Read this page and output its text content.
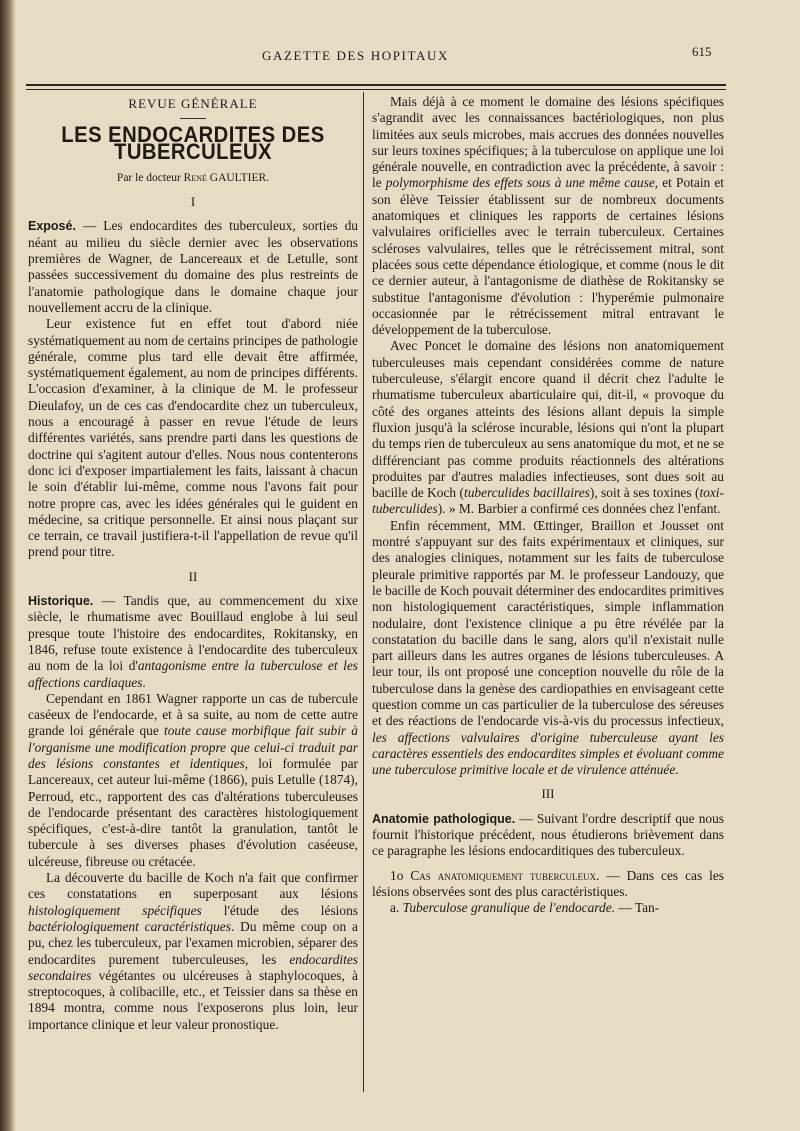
GAZETTE DES HOPITAUX	615
REVUE GÉNÉRALE
LES ENDOCARDITES DES TUBERCULEUX
Par le docteur René GAULTIER.
I

Exposé. — Les endocardites des tuberculeux, sorties du néant au milieu du siècle dernier avec les observations premières de Wagner, de Lancereaux et de Letulle, sont passées successivement du domaine des plus restreints de l'anatomie pathologique dans le domaine chaque jour nouvellement accru de la clinique.

Leur existence fut en effet tout d'abord niée systématiquement au nom de certains principes de pathologie générale, comme plus tard elle devait être affirmée, systématiquement également, au nom de principes différents. L'occasion d'examiner, à la clinique de M. le professeur Dieulafoy, un de ces cas d'endocardite chez un tuberculeux, nous a encouragé à passer en revue l'étude de leurs différentes variétés, sans prendre parti dans les questions de doctrine qui s'agitent autour d'elles. Nous nous contenterons donc ici d'exposer impartialement les faits, laissant à chacun le soin d'établir lui-même, comme nous l'avons fait pour notre propre cas, avec les idées générales qui le guident en médecine, sa critique personnelle. Et ainsi nous plaçant sur ce terrain, ce travail justifiera-t-il l'appellation de revue qu'il prend pour titre.

II

Historique. — Tandis que, au commencement du xixe siècle, le rhumatisme avec Bouillaud englobe à lui seul presque toute l'histoire des endocardites, Rokitansky, en 1846, refuse toute existence à l'endocardite des tuberculeux au nom de la loi d'antagonisme entre la tuberculose et les affections cardiaques.

Cependant en 1861 Wagner rapporte un cas de tubercule caséeux de l'endocarde, et à sa suite, au nom de cette autre grande loi générale que toute cause morbifique fait subir à l'organisme une modification propre que celui-ci traduit par des lésions constantes et identiques, loi formulée par Lancereaux, cet auteur lui-même (1866), puis Letulle (1874), Perroud, etc., rapportent des cas d'altérations tuberculeuses de l'endocarde présentant des caractères histologiquement spécifiques, c'est-à-dire tantôt la granulation, tantôt le tubercule à ses diverses phases d'évolution caséeuse, ulcéreuse, fibreuse ou crétacée.

La découverte du bacille de Koch n'a fait que confirmer ces constatations en superposant aux lésions histologiquement spécifiques l'étude des lésions bactériologiquement caractéristiques. Du même coup on a pu, chez les tuberculeux, par l'examen microbien, séparer des endocardites purement tuberculeuses, les endocardites secondaires végétantes ou ulcéreuses à staphylocoques, à streptocoques, à colibacille, etc., et Teissier dans sa thèse en 1894 montra, comme nous l'exposerons plus loin, leur importance clinique et leur valeur pronostique.

Mais déjà à ce moment le domaine des lésions spécifiques s'agrandit avec les connaissances bactériologiques, non plus limitées aux seuls microbes, mais accrues des données nouvelles sur leurs toxines spécifiques; à la tuberculose on applique une loi générale nouvelle, en contradiction avec la précédente, à savoir : le polymorphisme des effets sous à une même cause, et Potain et son élève Teissier établissent sur de nombreux documents anatomiques et cliniques les rapports de certaines lésions valvulaires orificielles avec le terrain tuberculeux. Certaines scléroses valvulaires, telles que le rétrécissement mitral, sont placées sous cette dépendance étiologique, et comme (nous le dit ce dernier auteur, à l'antagonisme de diathèse de Rokitansky se substitue l'antagonisme d'évolution : l'hyperémie pulmonaire occasionnée par le rétrécissement mitral entravant le développement de la tuberculose.

Avec Poncet le domaine des lésions non anatomiquement tuberculeuses mais cependant considérées comme de nature tuberculeuse, s'élargit encore quand il décrit chez l'adulte le rhumatisme tuberculeux abarticulaire qui, dit-il, « provoque du côté des organes atteints des lésions allant depuis la simple fluxion jusqu'à la sclérose incurable, lésions qui n'ont la plupart du temps rien de tuberculeux au sens anatomique du mot, et ne se différenciant pas comme produits réactionnels des altérations produites par d'autres maladies infectieuses, sont dues soit au bacille de Koch (tuberculides bacillaires), soit à ses toxines (toxi-tuberculides). » M. Barbier a confirmé ces données chez l'enfant.

Enfin récemment, MM. Œttinger, Braillon et Jousset ont montré s'appuyant sur des faits expérimentaux et cliniques, sur des analogies cliniques, notamment sur les faits de tuberculose pleurale primitive rapportés par M. le professeur Landouzy, que le bacille de Koch pouvait déterminer des endocardites primitives non histologiquement caractéristiques, simple inflammation nodulaire, dont l'existence clinique a pu être révélée par la constatation du bacille dans le sang, alors qu'il n'existait nulle part ailleurs dans les autres organes de lésions tuberculeuses. A leur tour, ils ont proposé une conception nouvelle du rôle de la tuberculose dans la genèse des cardiopathies en envisageant cette question comme un cas particulier de la tuberculose des séreuses et des réactions de l'endocarde vis-à-vis du processus infectieux, les affections valvulaires d'origine tuberculeuse ayant les caractères essentiels des endocardites simples et évoluant comme une tuberculose primitive locale et de virulence atténuée.

III

Anatomie pathologique. — Suivant l'ordre descriptif que nous fournit l'historique précédent, nous étudierons brièvement dans ce paragraphe les lésions endocarditiques des tuberculeux.

1o Cas anatomiquement tuberculeux. — Dans ces cas les lésions observées sont des plus caractéristiques.

a. Tuberculose granulique de l'endocarde. — Tan-
